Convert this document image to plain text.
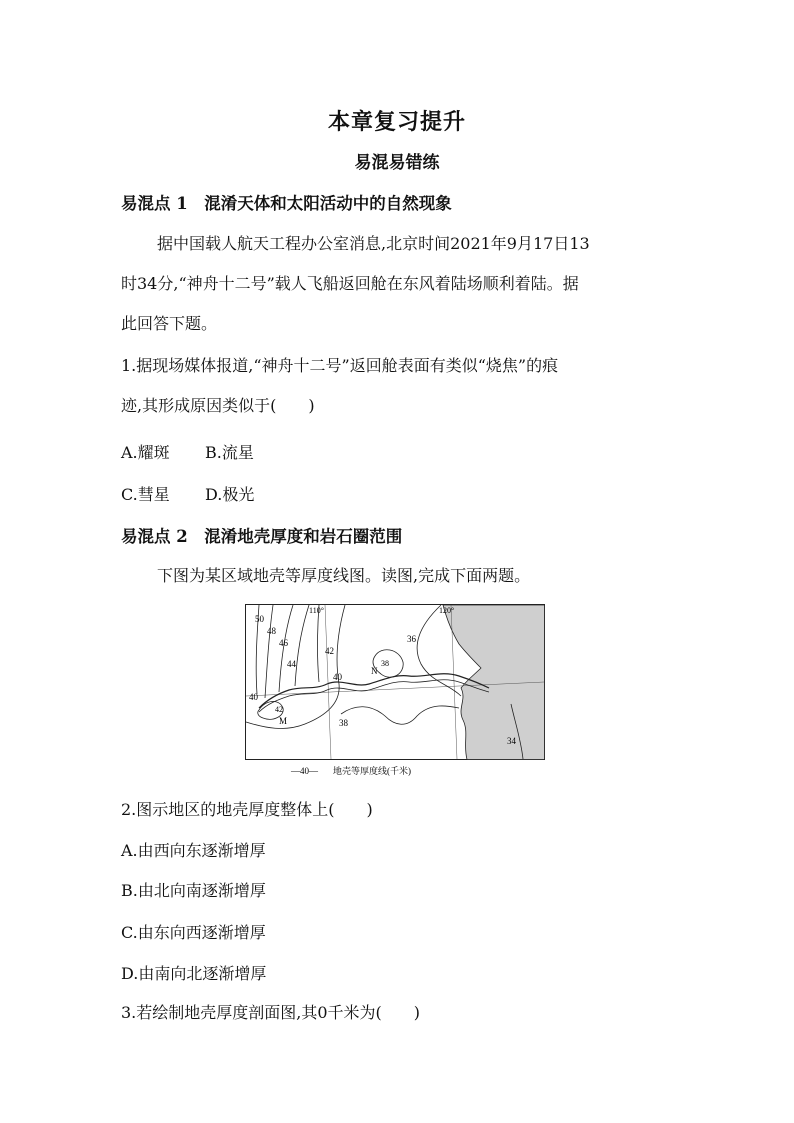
本章复习提升
易混易错练
易混点 1　混淆天体和太阳活动中的自然现象
据中国载人航天工程办公室消息,北京时间2021年9月17日13
时34分,“神舟十二号”载人飞船返回舱在东风着陆场顺利着陆。据
此回答下题。
1.据现场媒体报道,“神舟十二号”返回舱表面有类似“烧焦”的痕
迹,其形成原因类似于(　　)
A.耀斑 B.流星
C.彗星 D.极光
易混点 2　混淆地壳厚度和岩石圈范围
下图为某区域地壳等厚度线图。读图,完成下面两题。
50
48
46
44
42
40
38
36
38
34
40
42
110°	120°
N
M
—40— 地壳等厚度线(千米)
2.图示地区的地壳厚度整体上(　　)
A.由西向东逐渐增厚
B.由北向南逐渐增厚
C.由东向西逐渐增厚
D.由南向北逐渐增厚
3.若绘制地壳厚度剖面图,其0千米为(　　)
